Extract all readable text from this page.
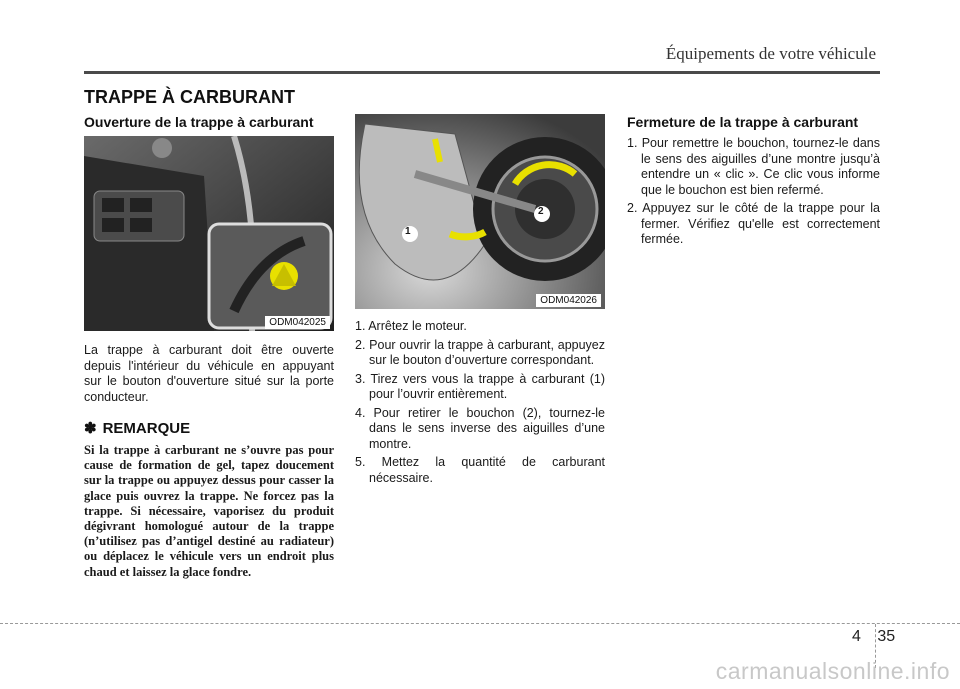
Équipements de votre véhicule
TRAPPE À CARBURANT
Ouverture de la trappe à carburant
ODM042025

La trappe à carburant doit être ouverte depuis l'intérieur du véhicule en appuyant sur le bouton d'ouverture situé sur la porte conducteur.

✽ REMARQUE
Si la trappe à carburant ne s’ouvre pas pour cause de formation de gel, tapez doucement sur la trappe ou appuyez dessus pour casser la glace puis ouvrez la trappe. Ne forcez pas la trappe. Si nécessaire, vaporisez du produit dégivrant homologué autour de la trappe (n’utilisez pas d’antigel destiné au radiateur) ou déplacez le véhicule vers un endroit plus chaud et laissez la glace fondre.
1
2
ODM042026
1. Arrêtez le moteur.
2. Pour ouvrir la trappe à carburant, appuyez sur le bouton d’ouverture correspondant.
3. Tirez vers vous la trappe à carburant (1) pour l’ouvrir entièrement.
4. Pour retirer le bouchon (2), tournez-le dans le sens inverse des aiguilles d’une montre.
5. Mettez la quantité de carburant nécessaire.
Fermeture de la trappe à carburant
1. Pour remettre le bouchon, tournez-le dans le sens des aiguilles d’une montre jusqu’à entendre un « clic ». Ce clic vous informe que le bouchon est bien refermé.
2. Appuyez sur le côté de la trappe pour la fermer. Vérifiez qu'elle est correctement fermée.
4 35
carmanualsonline.info
